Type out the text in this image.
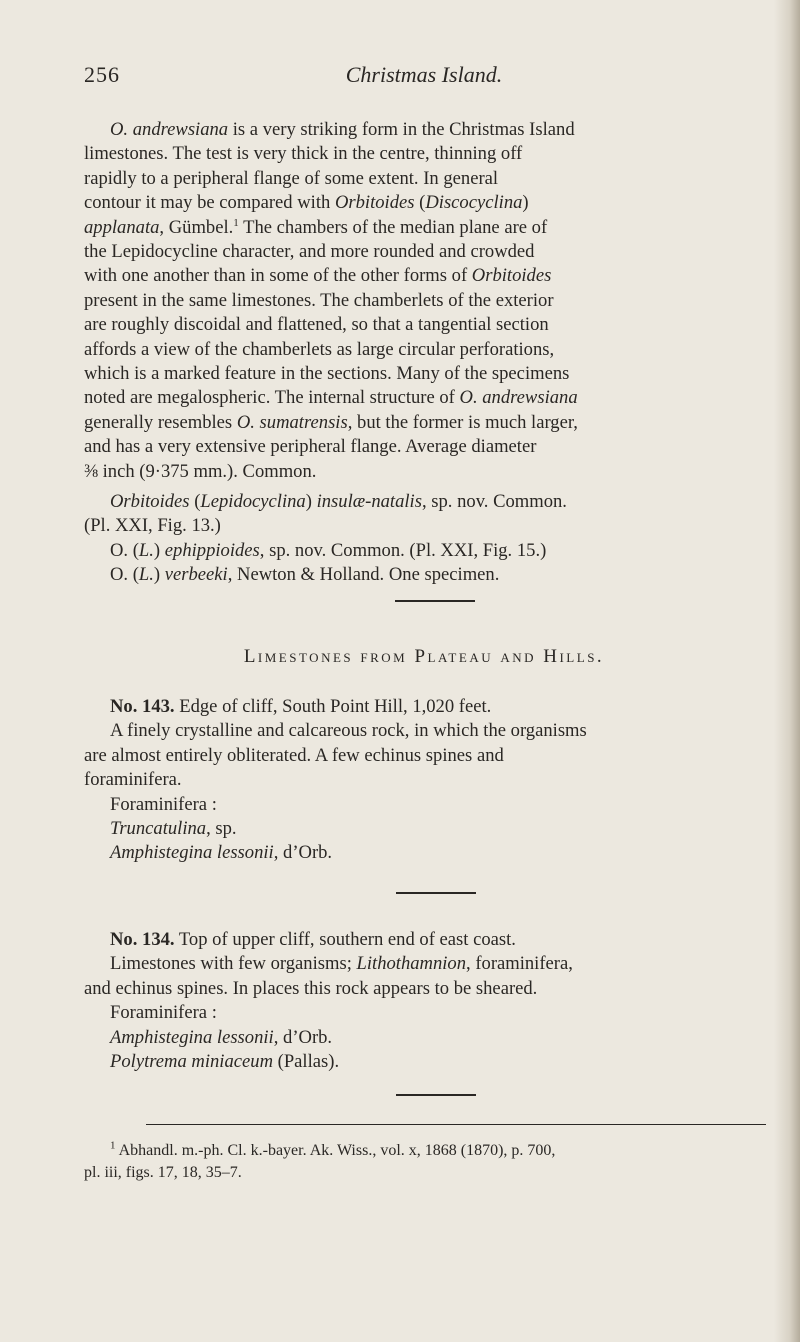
256	Christmas Island.
O. andrewsiana is a very striking form in the Christmas Island
limestones. The test is very thick in the centre, thinning off
rapidly to a peripheral flange of some extent. In general
contour it may be compared with Orbitoides (Discocyclina)
applanata, Gümbel.$^1$ The chambers of the median plane are of
the Lepidocycline character, and more rounded and crowded
with one another than in some of the other forms of Orbitoides
present in the same limestones. The chamberlets of the exterior
are roughly discoidal and flattened, so that a tangential section
affords a view of the chamberlets as large circular perforations,
which is a marked feature in the sections. Many of the specimens
noted are megalospheric. The internal structure of O. andrewsiana
generally resembles O. sumatrensis, but the former is much larger,
and has a very extensive peripheral flange. Average diameter
⅜ inch (9·375 mm.). Common.
Orbitoides (Lepidocyclina) insulæ-natalis, sp. nov. Common.
(Pl. XXI, Fig. 13.)
O. (L.) ephippioides, sp. nov. Common. (Pl. XXI, Fig. 15.)
O. (L.) verbeeki, Newton & Holland. One specimen.
Limestones from Plateau and Hills.
No. 143. Edge of cliff, South Point Hill, 1,020 feet.
A finely crystalline and calcareous rock, in which the organisms
are almost entirely obliterated. A few echinus spines and
foraminifera.
Foraminifera :
Truncatulina, sp.
Amphistegina lessonii, d’Orb.
No. 134. Top of upper cliff, southern end of east coast.
Limestones with few organisms; Lithothamnion, foraminifera,
and echinus spines. In places this rock appears to be sheared.
Foraminifera :
Amphistegina lessonii, d’Orb.
Polytrema miniaceum (Pallas).
$^1$ Abhandl. m.-ph. Cl. k.-bayer. Ak. Wiss., vol. x, 1868 (1870), p. 700,
pl. iii, figs. 17, 18, 35–7.
